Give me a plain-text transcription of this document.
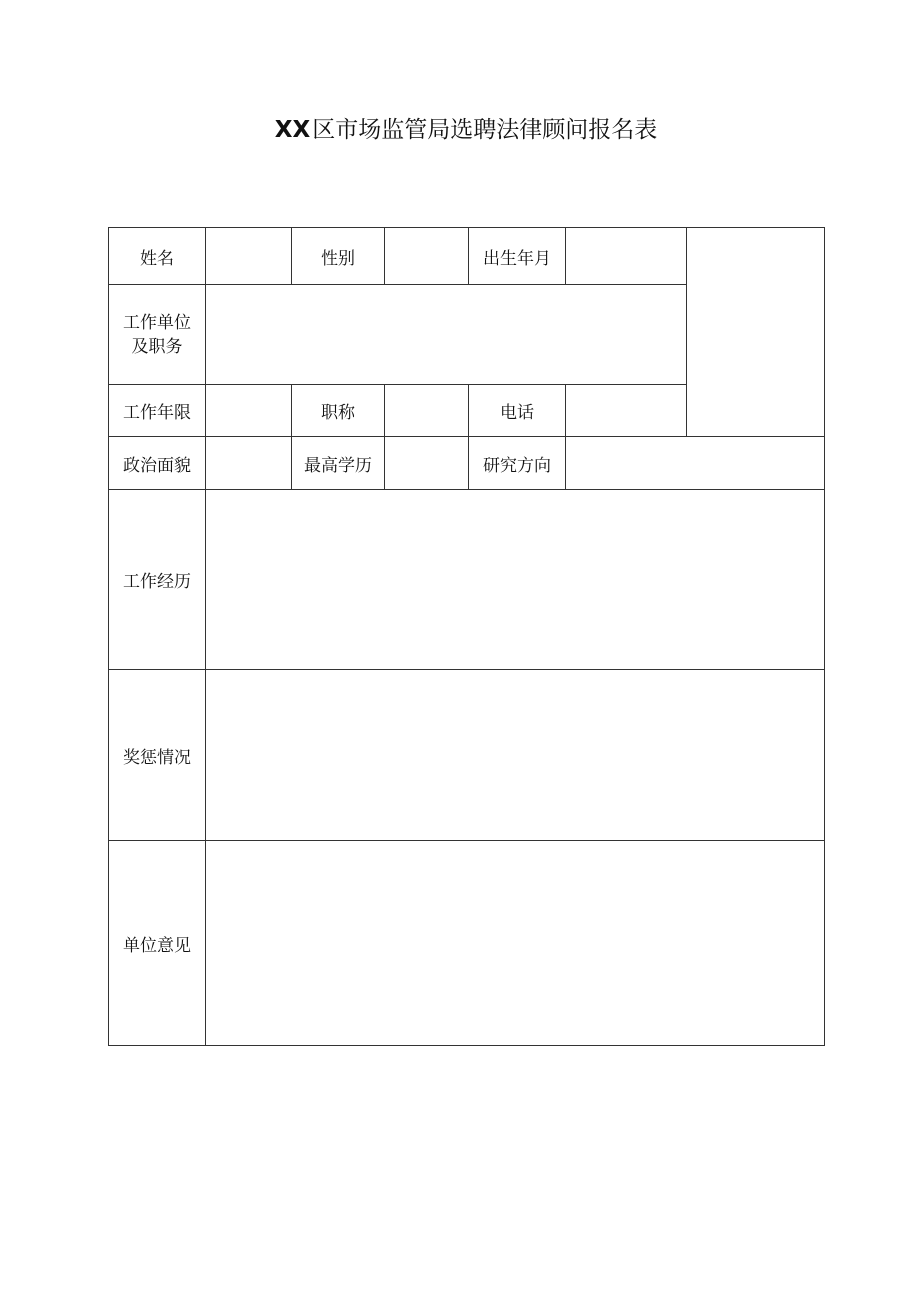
XX区市场监管局选聘法律顾问报名表
姓名		性别		出生年月		

工作单位
及职务						

工作年限		职称		电话		
政治面貌		最高学历		研究方向		
工作经历						
奖惩情况						
单位意见						
